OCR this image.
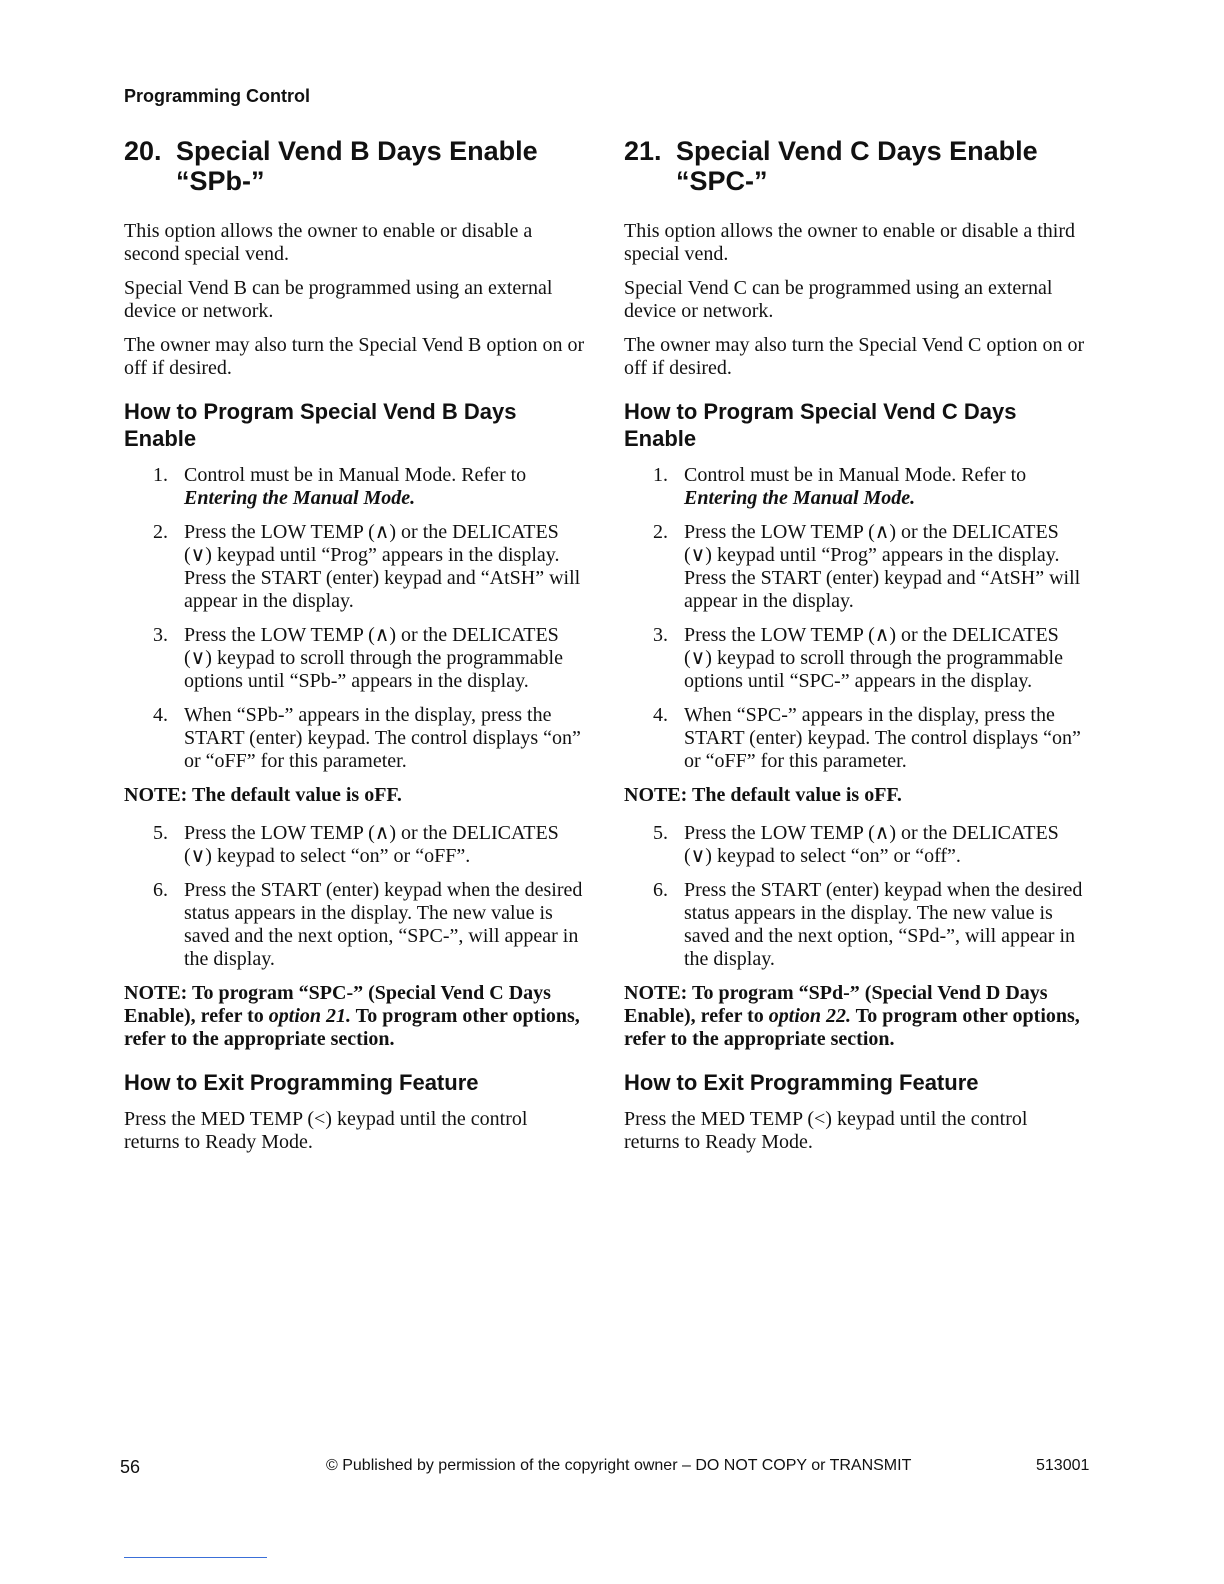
Programming Control
20. Special Vend B Days Enable
“SPb-”

This option allows the owner to enable or disable a second special vend.

Special Vend B can be programmed using an external device or network.

The owner may also turn the Special Vend B option on or off if desired.

How to Program Special Vend B Days Enable
1. Control must be in Manual Mode. Refer to
Entering the Manual Mode.
2. Press the LOW TEMP (∧) or the DELICATES (∨) keypad until “Prog” appears in the display. Press the START (enter) keypad and “AtSH” will appear in the display.
3. Press the LOW TEMP (∧) or the DELICATES (∨) keypad to scroll through the programmable options until “SPb-” appears in the display.
4. When “SPb-” appears in the display, press the START (enter) keypad. The control displays “on” or “oFF” for this parameter.
NOTE: The default value is oFF.
5. Press the LOW TEMP (∧) or the DELICATES (∨) keypad to select “on” or “oFF”.
6. Press the START (enter) keypad when the desired status appears in the display. The new value is saved and the next option, “SPC-”, will appear in the display.
NOTE: To program “SPC-” (Special Vend C Days Enable), refer to option 21. To program other options, refer to the appropriate section.
How to Exit Programming Feature

Press the MED TEMP (<) keypad until the control returns to Ready Mode.

21. Special Vend C Days Enable
“SPC-”

This option allows the owner to enable or disable a third special vend.

Special Vend C can be programmed using an external device or network.

The owner may also turn the Special Vend C option on or off if desired.

How to Program Special Vend C Days Enable
1. Control must be in Manual Mode. Refer to
Entering the Manual Mode.
2. Press the LOW TEMP (∧) or the DELICATES (∨) keypad until “Prog” appears in the display. Press the START (enter) keypad and “AtSH” will appear in the display.
3. Press the LOW TEMP (∧) or the DELICATES (∨) keypad to scroll through the programmable options until “SPC-” appears in the display.
4. When “SPC-” appears in the display, press the START (enter) keypad. The control displays “on” or “oFF” for this parameter.
NOTE: The default value is oFF.
5. Press the LOW TEMP (∧) or the DELICATES (∨) keypad to select “on” or “off”.
6. Press the START (enter) keypad when the desired status appears in the display. The new value is saved and the next option, “SPd-”, will appear in the display.
NOTE: To program “SPd-” (Special Vend D Days Enable), refer to option 22. To program other options, refer to the appropriate section.
How to Exit Programming Feature

Press the MED TEMP (<) keypad until the control returns to Ready Mode.

56	© Published by permission of the copyright owner – DO NOT COPY or TRANSMIT	513001
